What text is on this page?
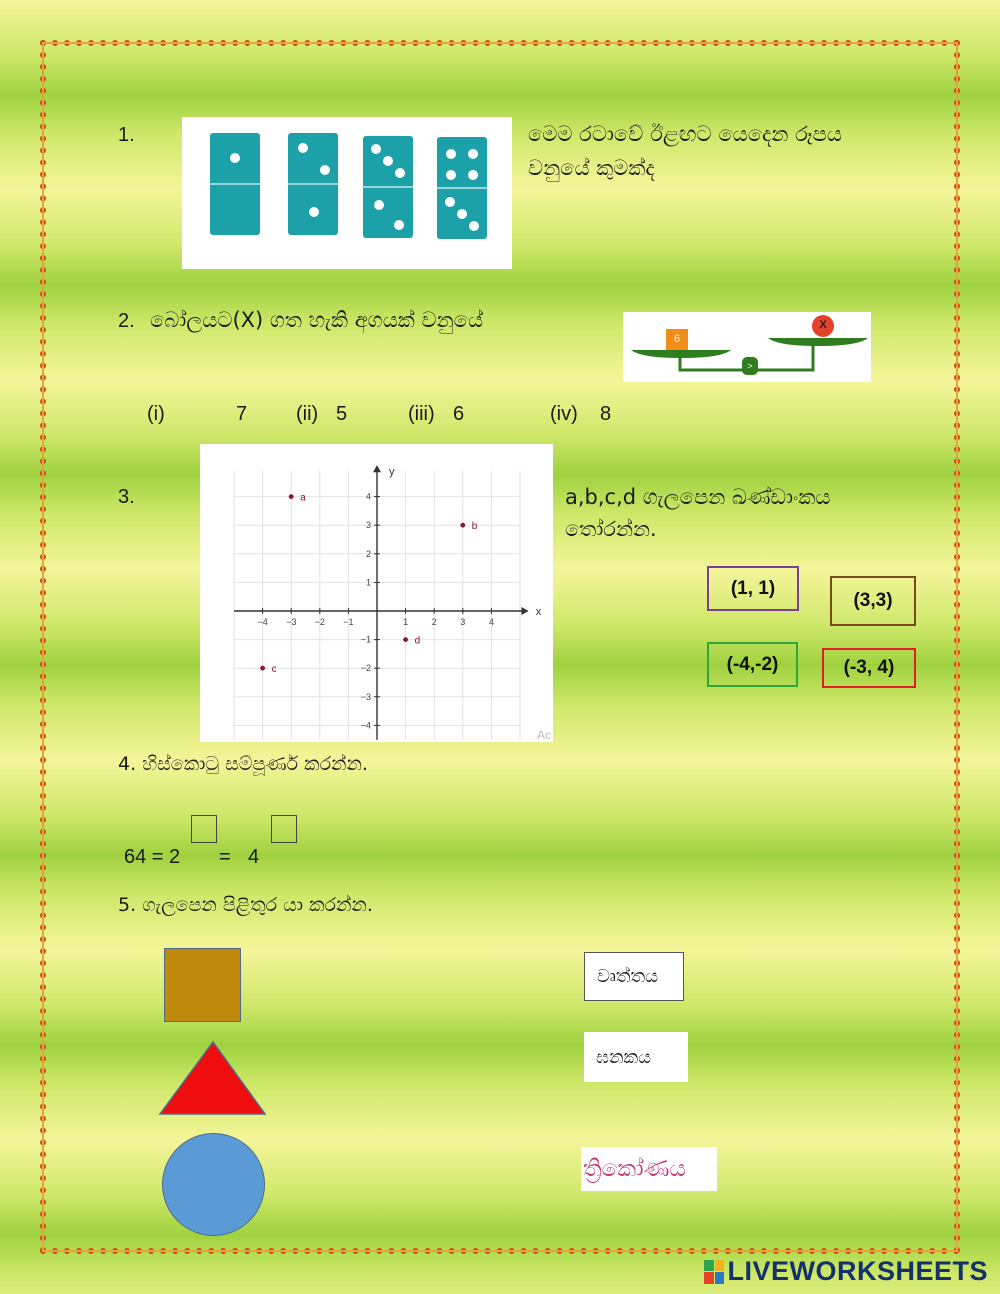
1.	මෙම රටාවේ ඊළඟට යෙදෙන රූපය
වනුයේ කුමක්ද
2. බෝලයට(X) ගත හැකි අගයක් වනුයේ
6
X
>
(i)	7 (ii) 5	(iii) 6	(iv) 8
3.
x
y
−4 −3 −2 −1	1	2	3	4
4
3
2
1
−1
−2
−3
−4
a
b
c
d
Ac
a,b,c,d ගැලපෙන ඛණ්ඩාංකය
තෝරන්න.
(1, 1)
(3,3)
(-4,-2)	(-3, 4)
4. හිස්කොටු සම්පූර්ණ කරන්න.
64 = 2 = 4
5. ගැලපෙන පිළිතුර යා කරන්න.
වෘත්තය
ඝනකය
ත්‍රිකෝණය
LIVEWORKSHEETS
